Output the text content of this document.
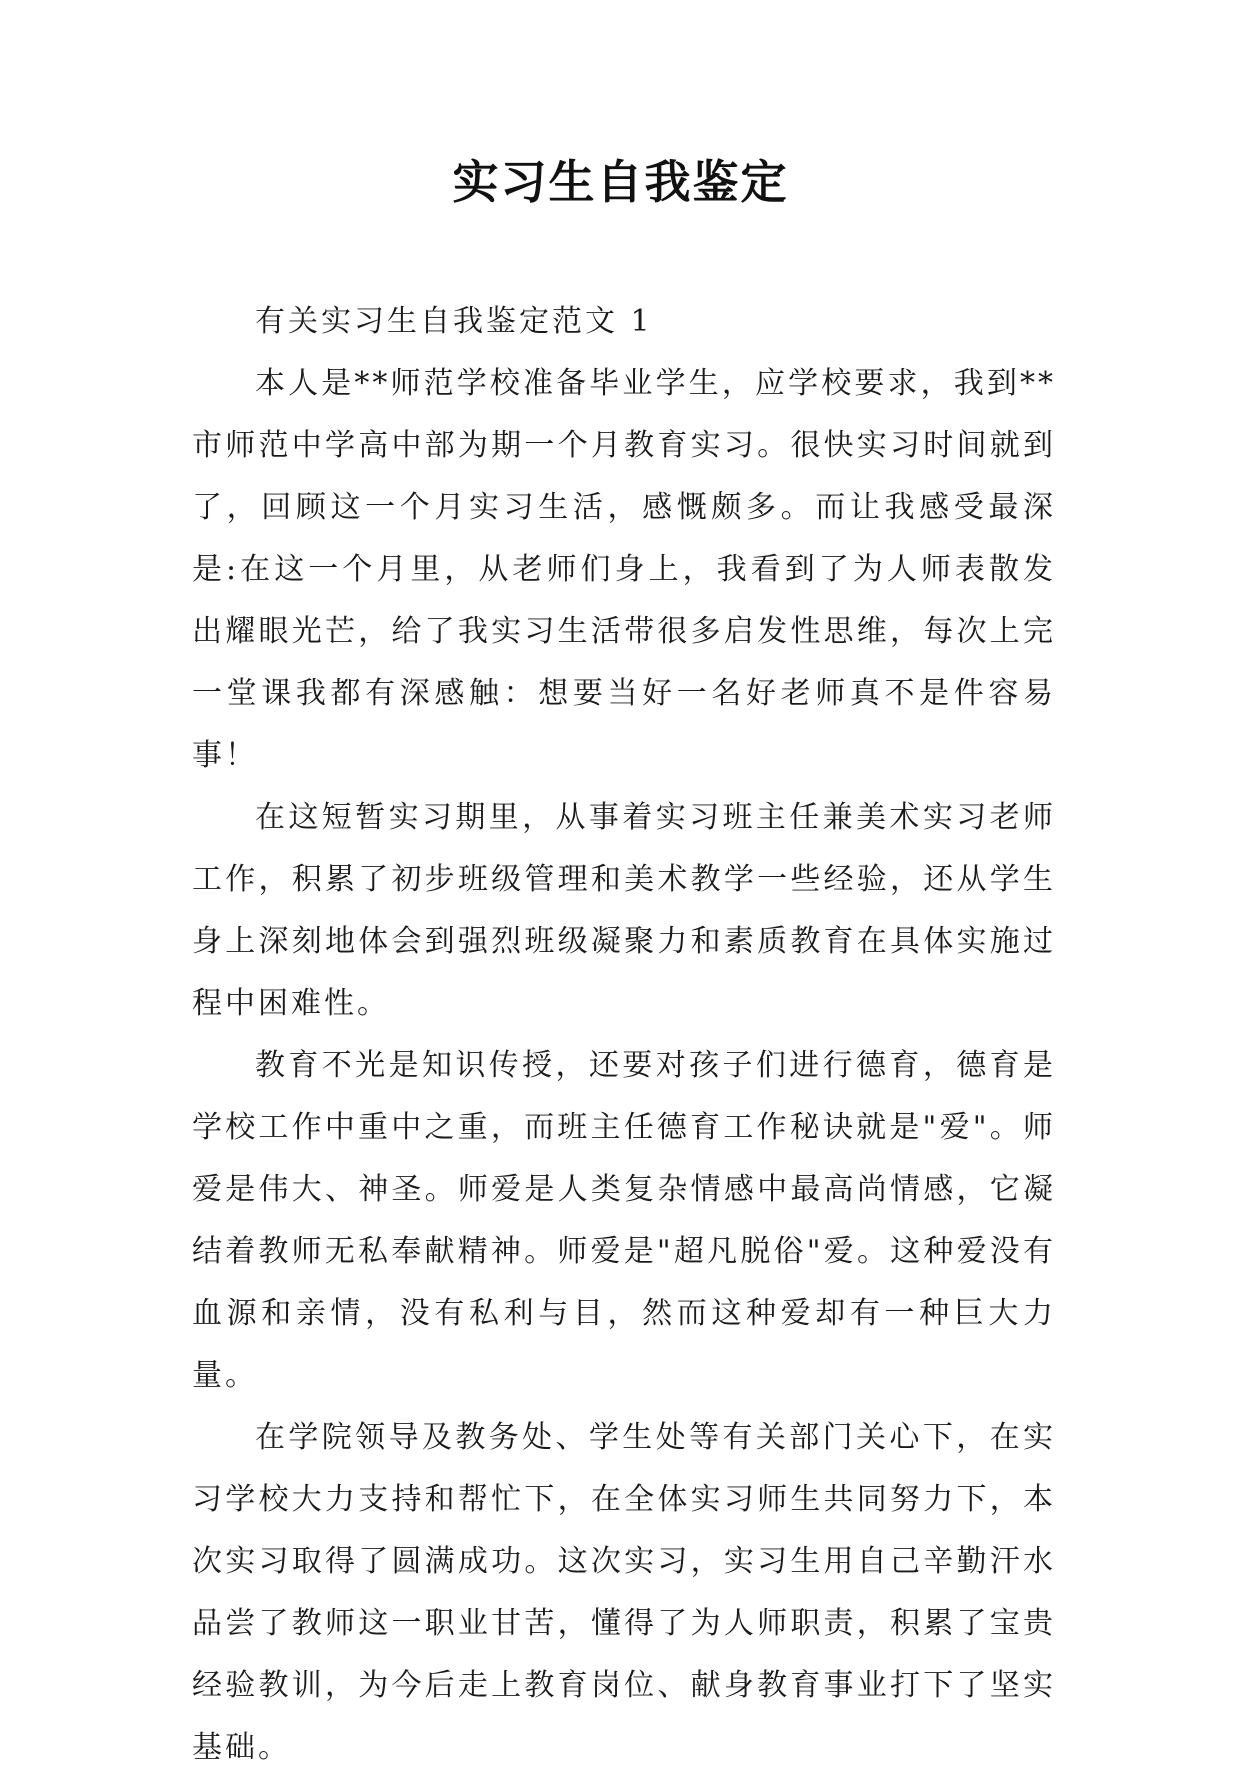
实习生自我鉴定

有关实习生自我鉴定范文 1

本人是**师范学校准备毕业学生，应学校要求，我到**市师范中学高中部为期一个月教育实习。很快实习时间就到了，回顾这一个月实习生活，感慨颇多。而让我感受最深是:在这一个月里，从老师们身上，我看到了为人师表散发出耀眼光芒，给了我实习生活带很多启发性思维，每次上完一堂课我都有深感触：想要当好一名好老师真不是件容易事！

在这短暂实习期里，从事着实习班主任兼美术实习老师工作，积累了初步班级管理和美术教学一些经验，还从学生身上深刻地体会到强烈班级凝聚力和素质教育在具体实施过程中困难性。

教育不光是知识传授，还要对孩子们进行德育，德育是学校工作中重中之重，而班主任德育工作秘诀就是"爱"。师爱是伟大、神圣。师爱是人类复杂情感中最高尚情感，它凝结着教师无私奉献精神。师爱是"超凡脱俗"爱。这种爱没有血源和亲情，没有私利与目，然而这种爱却有一种巨大力量。

在学院领导及教务处、学生处等有关部门关心下，在实习学校大力支持和帮忙下，在全体实习师生共同努力下，本次实习取得了圆满成功。这次实习，实习生用自己辛勤汗水品尝了教师这一职业甘苦，懂得了为人师职责，积累了宝贵经验教训，为今后走上教育岗位、献身教育事业打下了坚实基础。
